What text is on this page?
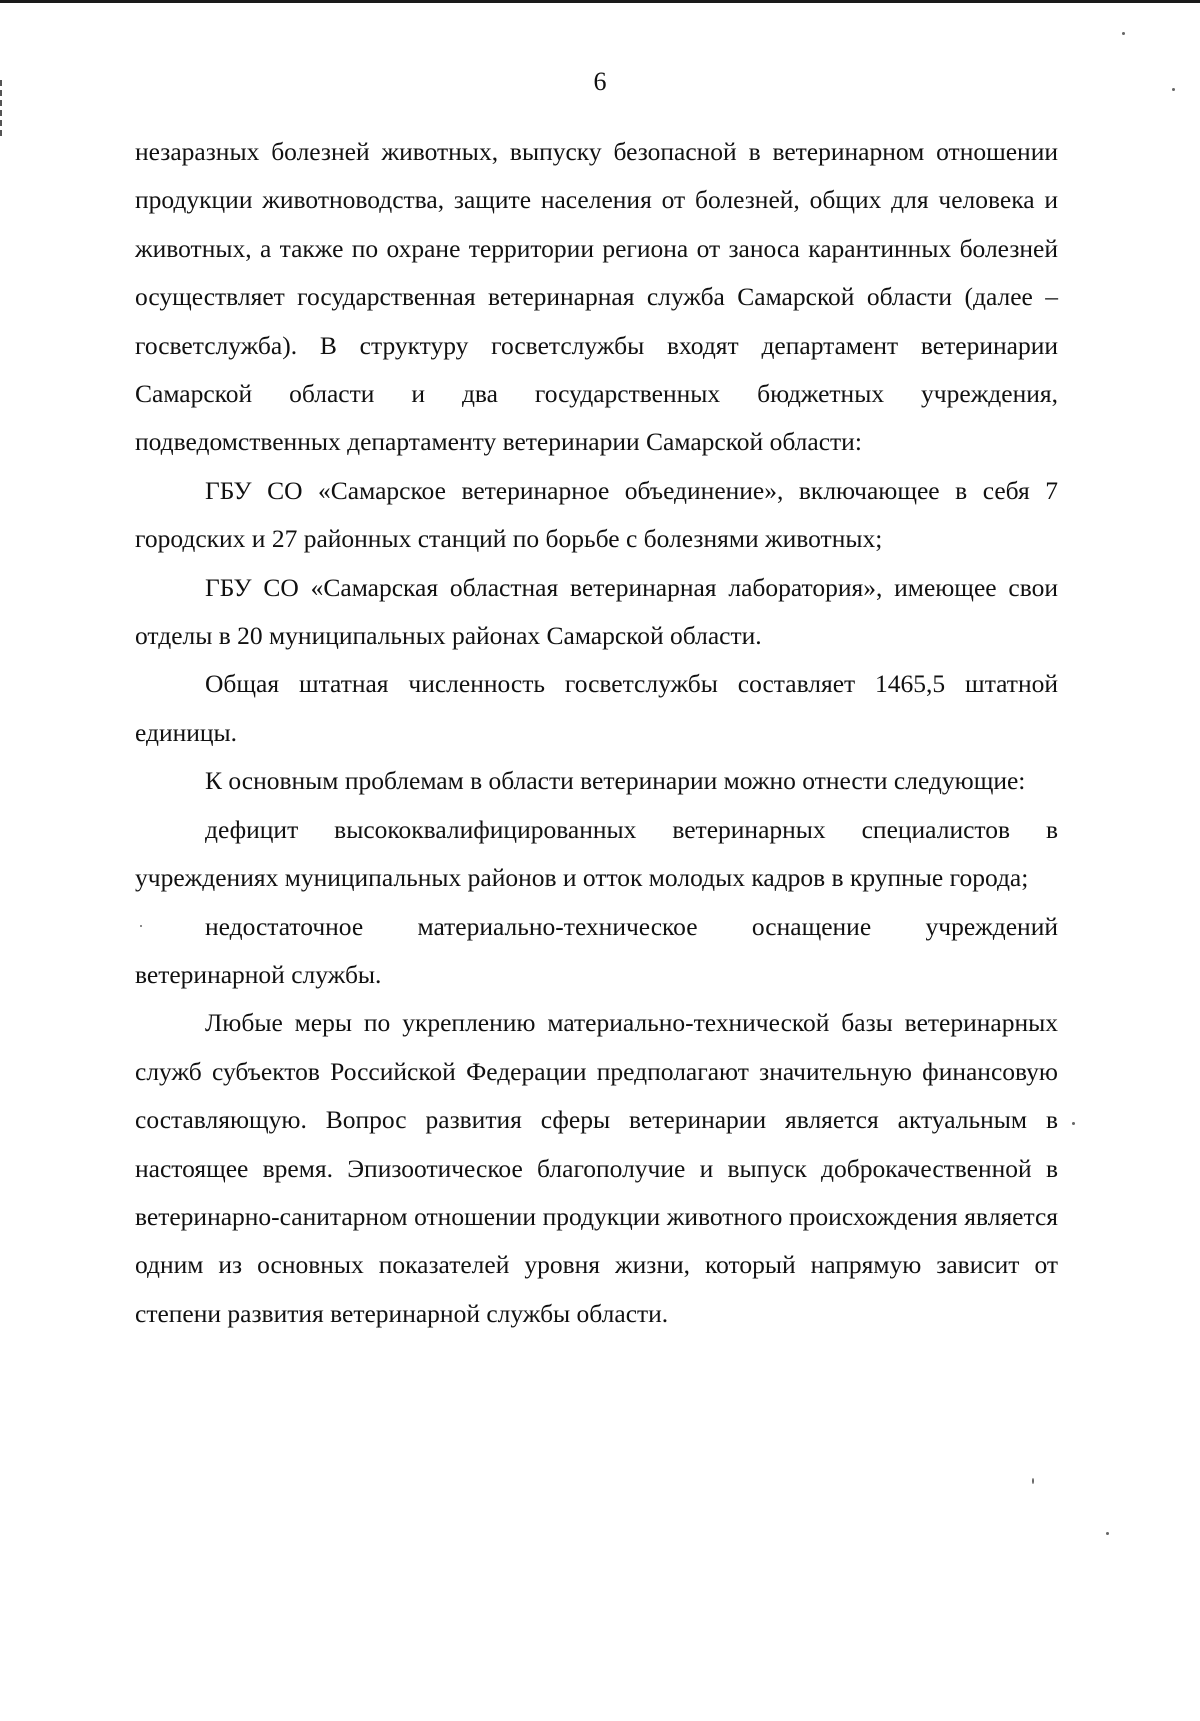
6

незаразных болезней животных, выпуску безопасной в ветеринарном отношении продукции животноводства, защите населения от болезней, общих для человека и животных, а также по охране территории региона от заноса карантинных болезней осуществляет государственная ветеринарная служба Самарской области (далее – госветслужба). В структуру госветслужбы входят департамент ветеринарии Самарской области и два государственных бюджетных учреждения, подведомственных департаменту ветеринарии Самарской области:

ГБУ СО «Самарское ветеринарное объединение», включающее в себя 7 городских и 27 районных станций по борьбе с болезнями животных;

ГБУ СО «Самарская областная ветеринарная лаборатория», имеющее свои отделы в 20 муниципальных районах Самарской области.

Общая штатная численность госветслужбы составляет 1465,5 штатной единицы.

К основным проблемам в области ветеринарии можно отнести следующие:

дефицит высококвалифицированных ветеринарных специалистов в учреждениях муниципальных районов и отток молодых кадров в крупные города;

недостаточное материально-техническое оснащение учреждений ветеринарной службы.

Любые меры по укреплению материально-технической базы ветеринарных служб субъектов Российской Федерации предполагают значительную финансовую составляющую. Вопрос развития сферы ветеринарии является актуальным в настоящее время. Эпизоотическое благополучие и выпуск доброкачественной в ветеринарно-санитарном отношении продукции животного происхождения является одним из основных показателей уровня жизни, который напрямую зависит от степени развития ветеринарной службы области.
